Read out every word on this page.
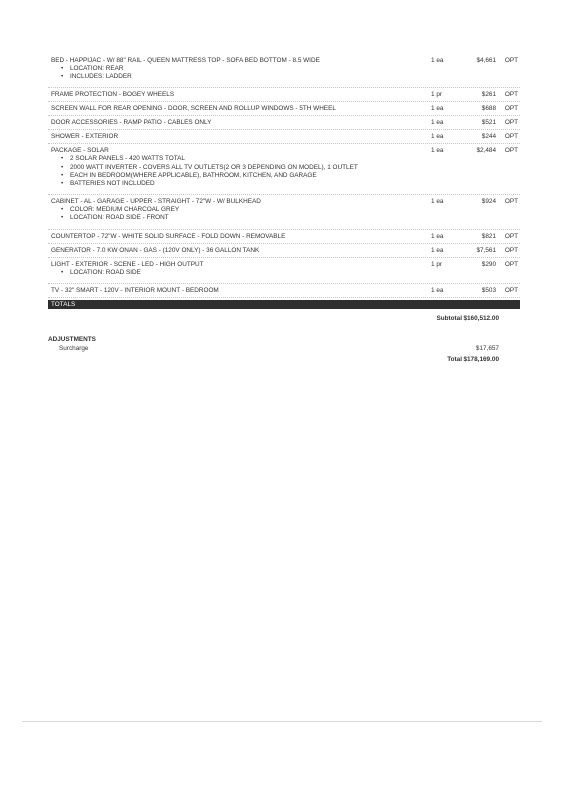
BED - HAPPIJAC - W/ 88" RAIL - QUEEN MATTRESS TOP - SOFA BED BOTTOM - 8.5 WIDE	1 ea	$4,661 OPT
• LOCATION: REAR
• INCLUDES: LADDER
FRAME PROTECTION - BOGEY WHEELS	1 pr	$261 OPT
SCREEN WALL FOR REAR OPENING - DOOR, SCREEN AND ROLLUP WINDOWS - 5TH WHEEL	1 ea	$688 OPT
DOOR ACCESSORIES - RAMP PATIO - CABLES ONLY	1 ea	$521 OPT
SHOWER - EXTERIOR	1 ea	$244 OPT
PACKAGE - SOLAR	1 ea	$2,484 OPT
• 2 SOLAR PANELS - 420 WATTS TOTAL
• 2000 WATT INVERTER - COVERS ALL TV OUTLETS(2 OR 3 DEPENDING ON MODEL), 1 OUTLET
• EACH IN BEDROOM(WHERE APPLICABLE), BATHROOM, KITCHEN, AND GARAGE
• BATTERIES NOT INCLUDED
CABINET - AL - GARAGE - UPPER - STRAIGHT - 72"W - W/ BULKHEAD	1 ea	$924 OPT
• COLOR: MEDIUM CHARCOAL GREY
• LOCATION: ROAD SIDE - FRONT
COUNTERTOP - 72"W - WHITE SOLID SURFACE - FOLD DOWN - REMOVABLE	1 ea	$821 OPT
GENERATOR - 7.0 KW ONAN - GAS - (120V ONLY) - 36 GALLON TANK	1 ea	$7,561 OPT
LIGHT - EXTERIOR - SCENE - LED - HIGH OUTPUT	1 pr	$290 OPT
• LOCATION: ROAD SIDE
TV - 32" SMART - 120V - INTERIOR MOUNT - BEDROOM	1 ea	$503 OPT
TOTALS
Subtotal $160,512.00
ADJUSTMENTS
Surcharge	$17,657
Total $178,169.00
